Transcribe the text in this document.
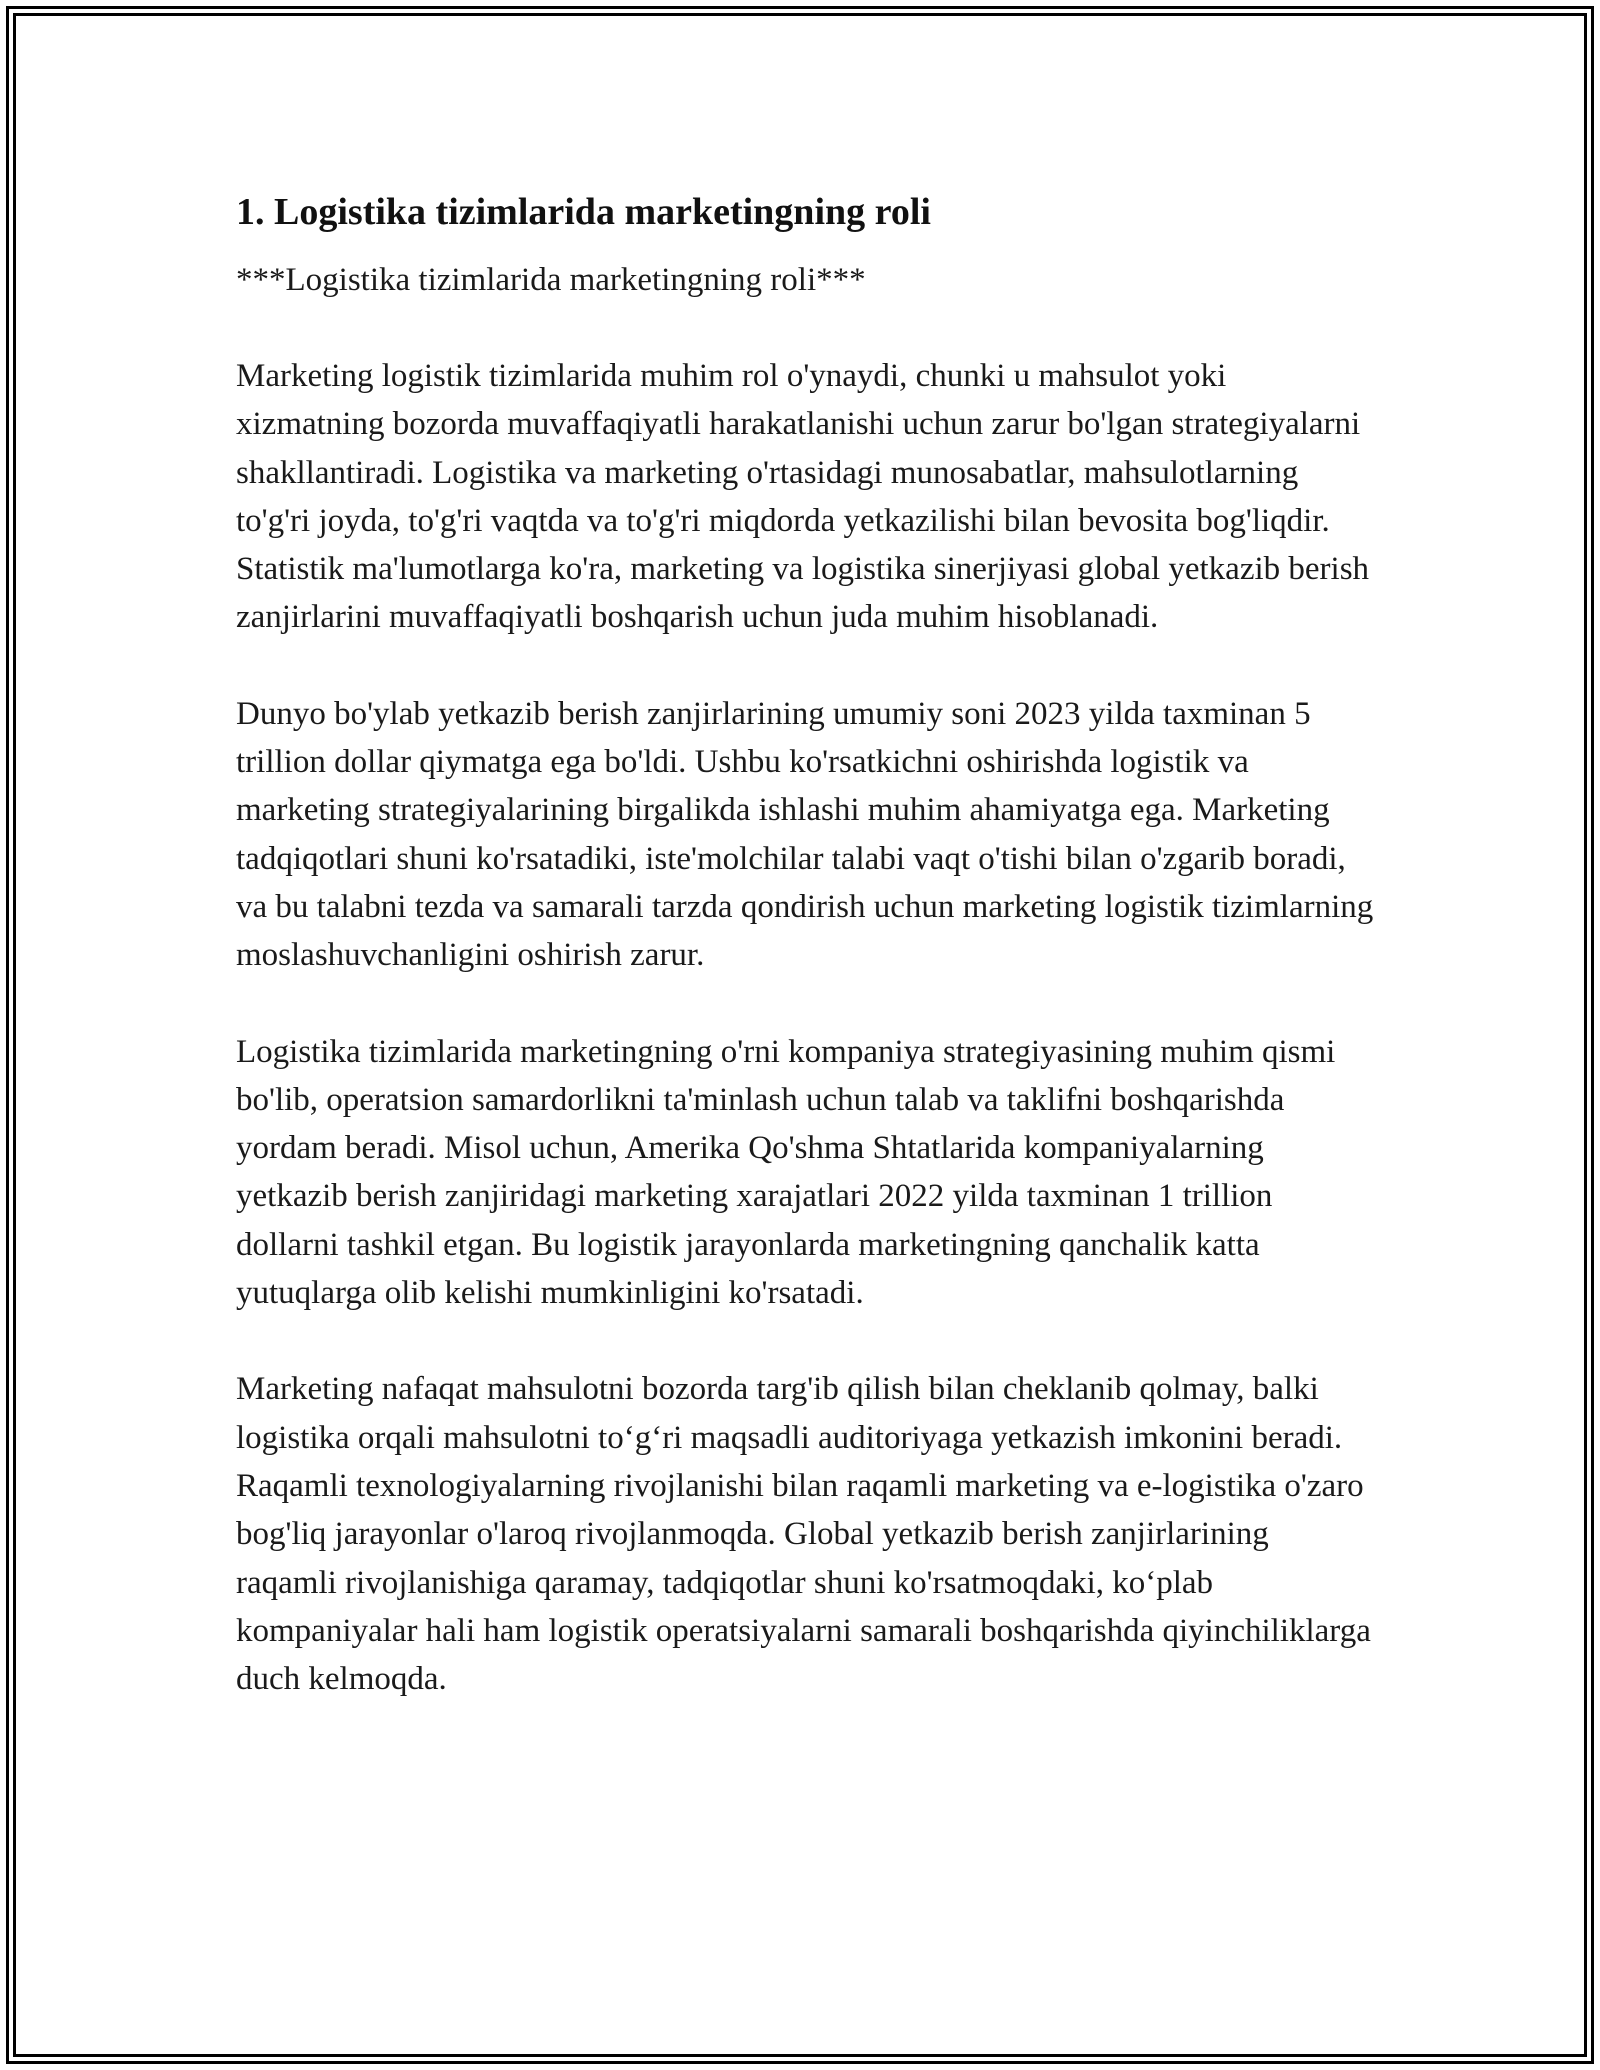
1. Logistika tizimlarida marketingning roli

***Logistika tizimlarida marketingning roli***

Marketing logistik tizimlarida muhim rol o'ynaydi, chunki u mahsulot yoki xizmatning bozorda muvaffaqiyatli harakatlanishi uchun zarur bo'lgan strategiyalarni shakllantiradi. Logistika va marketing o'rtasidagi munosabatlar, mahsulotlarning to'g'ri joyda, to'g'ri vaqtda va to'g'ri miqdorda yetkazilishi bilan bevosita bog'liqdir. Statistik ma'lumotlarga ko'ra, marketing va logistika sinerjiyasi global yetkazib berish zanjirlarini muvaffaqiyatli boshqarish uchun juda muhim hisoblanadi.

Dunyo bo'ylab yetkazib berish zanjirlarining umumiy soni 2023 yilda taxminan 5 trillion dollar qiymatga ega bo'ldi. Ushbu ko'rsatkichni oshirishda logistik va marketing strategiyalarining birgalikda ishlashi muhim ahamiyatga ega. Marketing tadqiqotlari shuni ko'rsatadiki, iste'molchilar talabi vaqt o'tishi bilan o'zgarib boradi, va bu talabni tezda va samarali tarzda qondirish uchun marketing logistik tizimlarning moslashuvchanligini oshirish zarur.

Logistika tizimlarida marketingning o'rni kompaniya strategiyasining muhim qismi bo'lib, operatsion samardorlikni ta'minlash uchun talab va taklifni boshqarishda yordam beradi. Misol uchun, Amerika Qo'shma Shtatlarida kompaniyalarning yetkazib berish zanjiridagi marketing xarajatlari 2022 yilda taxminan 1 trillion dollarni tashkil etgan. Bu logistik jarayonlarda marketingning qanchalik katta yutuqlarga olib kelishi mumkinligini ko'rsatadi.

Marketing nafaqat mahsulotni bozorda targ'ib qilish bilan cheklanib qolmay, balki logistika orqali mahsulotni to‘g‘ri maqsadli auditoriyaga yetkazish imkonini beradi. Raqamli texnologiyalarning rivojlanishi bilan raqamli marketing va e-logistika o'zaro bog'liq jarayonlar o'laroq rivojlanmoqda. Global yetkazib berish zanjirlarining raqamli rivojlanishiga qaramay, tadqiqotlar shuni ko'rsatmoqdaki, ko‘plab kompaniyalar hali ham logistik operatsiyalarni samarali boshqarishda qiyinchiliklarga duch kelmoqda.
